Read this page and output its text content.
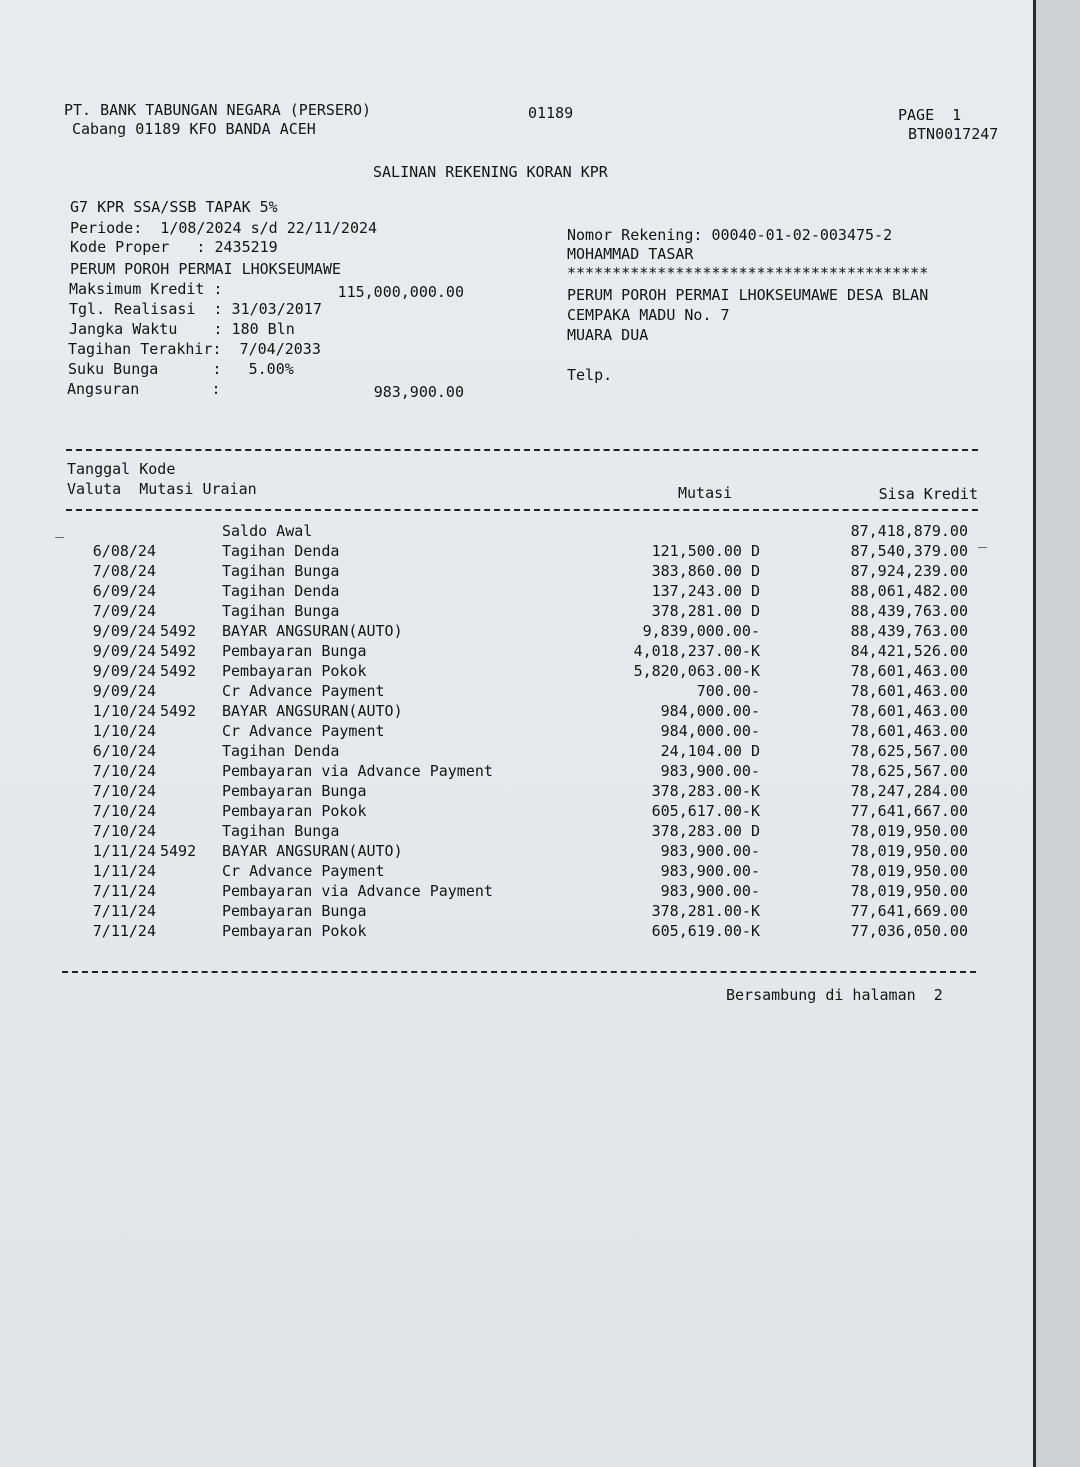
PT. BANK TABUNGAN NEGARA (PERSERO)
Cabang 01189 KFO BANDA ACEH
01189	PAGE  1
BTN0017247
SALINAN REKENING KORAN KPR
G7 KPR SSA/SSB TAPAK 5%
Periode:  1/08/2024 s/d 22/11/2024
Kode Proper   : 2435219
PERUM POROH PERMAI LHOKSEUMAWE
Maksimum Kredit :	115,000,000.00
Tgl. Realisasi  : 31/03/2017
Jangka Waktu    : 180 Bln
Tagihan Terakhir:  7/04/2033
Suku Bunga      :   5.00%
Angsuran        :	983,900.00
Nomor Rekening: 00040-01-02-003475-2
MOHAMMAD TASAR
****************************************
PERUM POROH PERMAI LHOKSEUMAWE DESA BLAN
CEMPAKA MADU No. 7
MUARA DUA
Telp.
Tanggal Kode
Valuta  Mutasi Uraian	Mutasi	Sisa Kredit
_
_
Saldo Awal	87,418,879.00
6/08/24	Tagihan Denda	121,500.00 D	87,540,379.00
7/08/24	Tagihan Bunga	383,860.00 D	87,924,239.00
6/09/24	Tagihan Denda	137,243.00 D	88,061,482.00
7/09/24	Tagihan Bunga	378,281.00 D	88,439,763.00
9/09/24 5492 BAYAR ANGSURAN(AUTO)	9,839,000.00-	88,439,763.00
9/09/24 5492 Pembayaran Bunga	4,018,237.00-K	84,421,526.00
9/09/24 5492 Pembayaran Pokok	5,820,063.00-K	78,601,463.00
9/09/24	Cr Advance Payment	700.00-	78,601,463.00
1/10/24 5492 BAYAR ANGSURAN(AUTO)	984,000.00-	78,601,463.00
1/10/24	Cr Advance Payment	984,000.00-	78,601,463.00
6/10/24	Tagihan Denda	24,104.00 D	78,625,567.00
7/10/24	Pembayaran via Advance Payment	983,900.00-	78,625,567.00
7/10/24	Pembayaran Bunga	378,283.00-K	78,247,284.00
7/10/24	Pembayaran Pokok	605,617.00-K	77,641,667.00
7/10/24	Tagihan Bunga	378,283.00 D	78,019,950.00
1/11/24 5492 BAYAR ANGSURAN(AUTO)	983,900.00-	78,019,950.00
1/11/24	Cr Advance Payment	983,900.00-	78,019,950.00
7/11/24	Pembayaran via Advance Payment	983,900.00-	78,019,950.00
7/11/24	Pembayaran Bunga	378,281.00-K	77,641,669.00
7/11/24	Pembayaran Pokok	605,619.00-K	77,036,050.00
Bersambung di halaman  2
